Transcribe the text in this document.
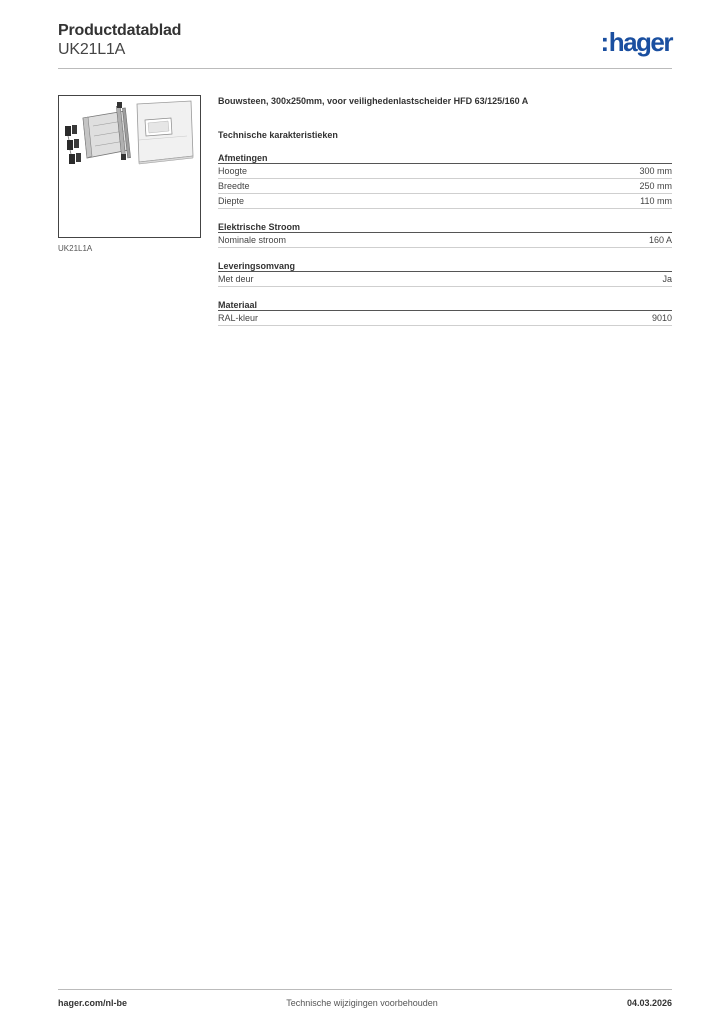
Productdatablad
UK21L1A	:hager
UK21L1A
Bouwsteen, 300x250mm, voor veilighedenlastscheider HFD 63/125/160 A
Technische karakteristieken
Afmetingen
Hoogte	300 mm
Breedte	250 mm
Diepte	110 mm
Elektrische Stroom
Nominale stroom	160 A
Leveringsomvang
Met deur	Ja
Materiaal
RAL-kleur	9010
hager.com/nl-be	Technische wijzigingen voorbehouden	04.03.2026
